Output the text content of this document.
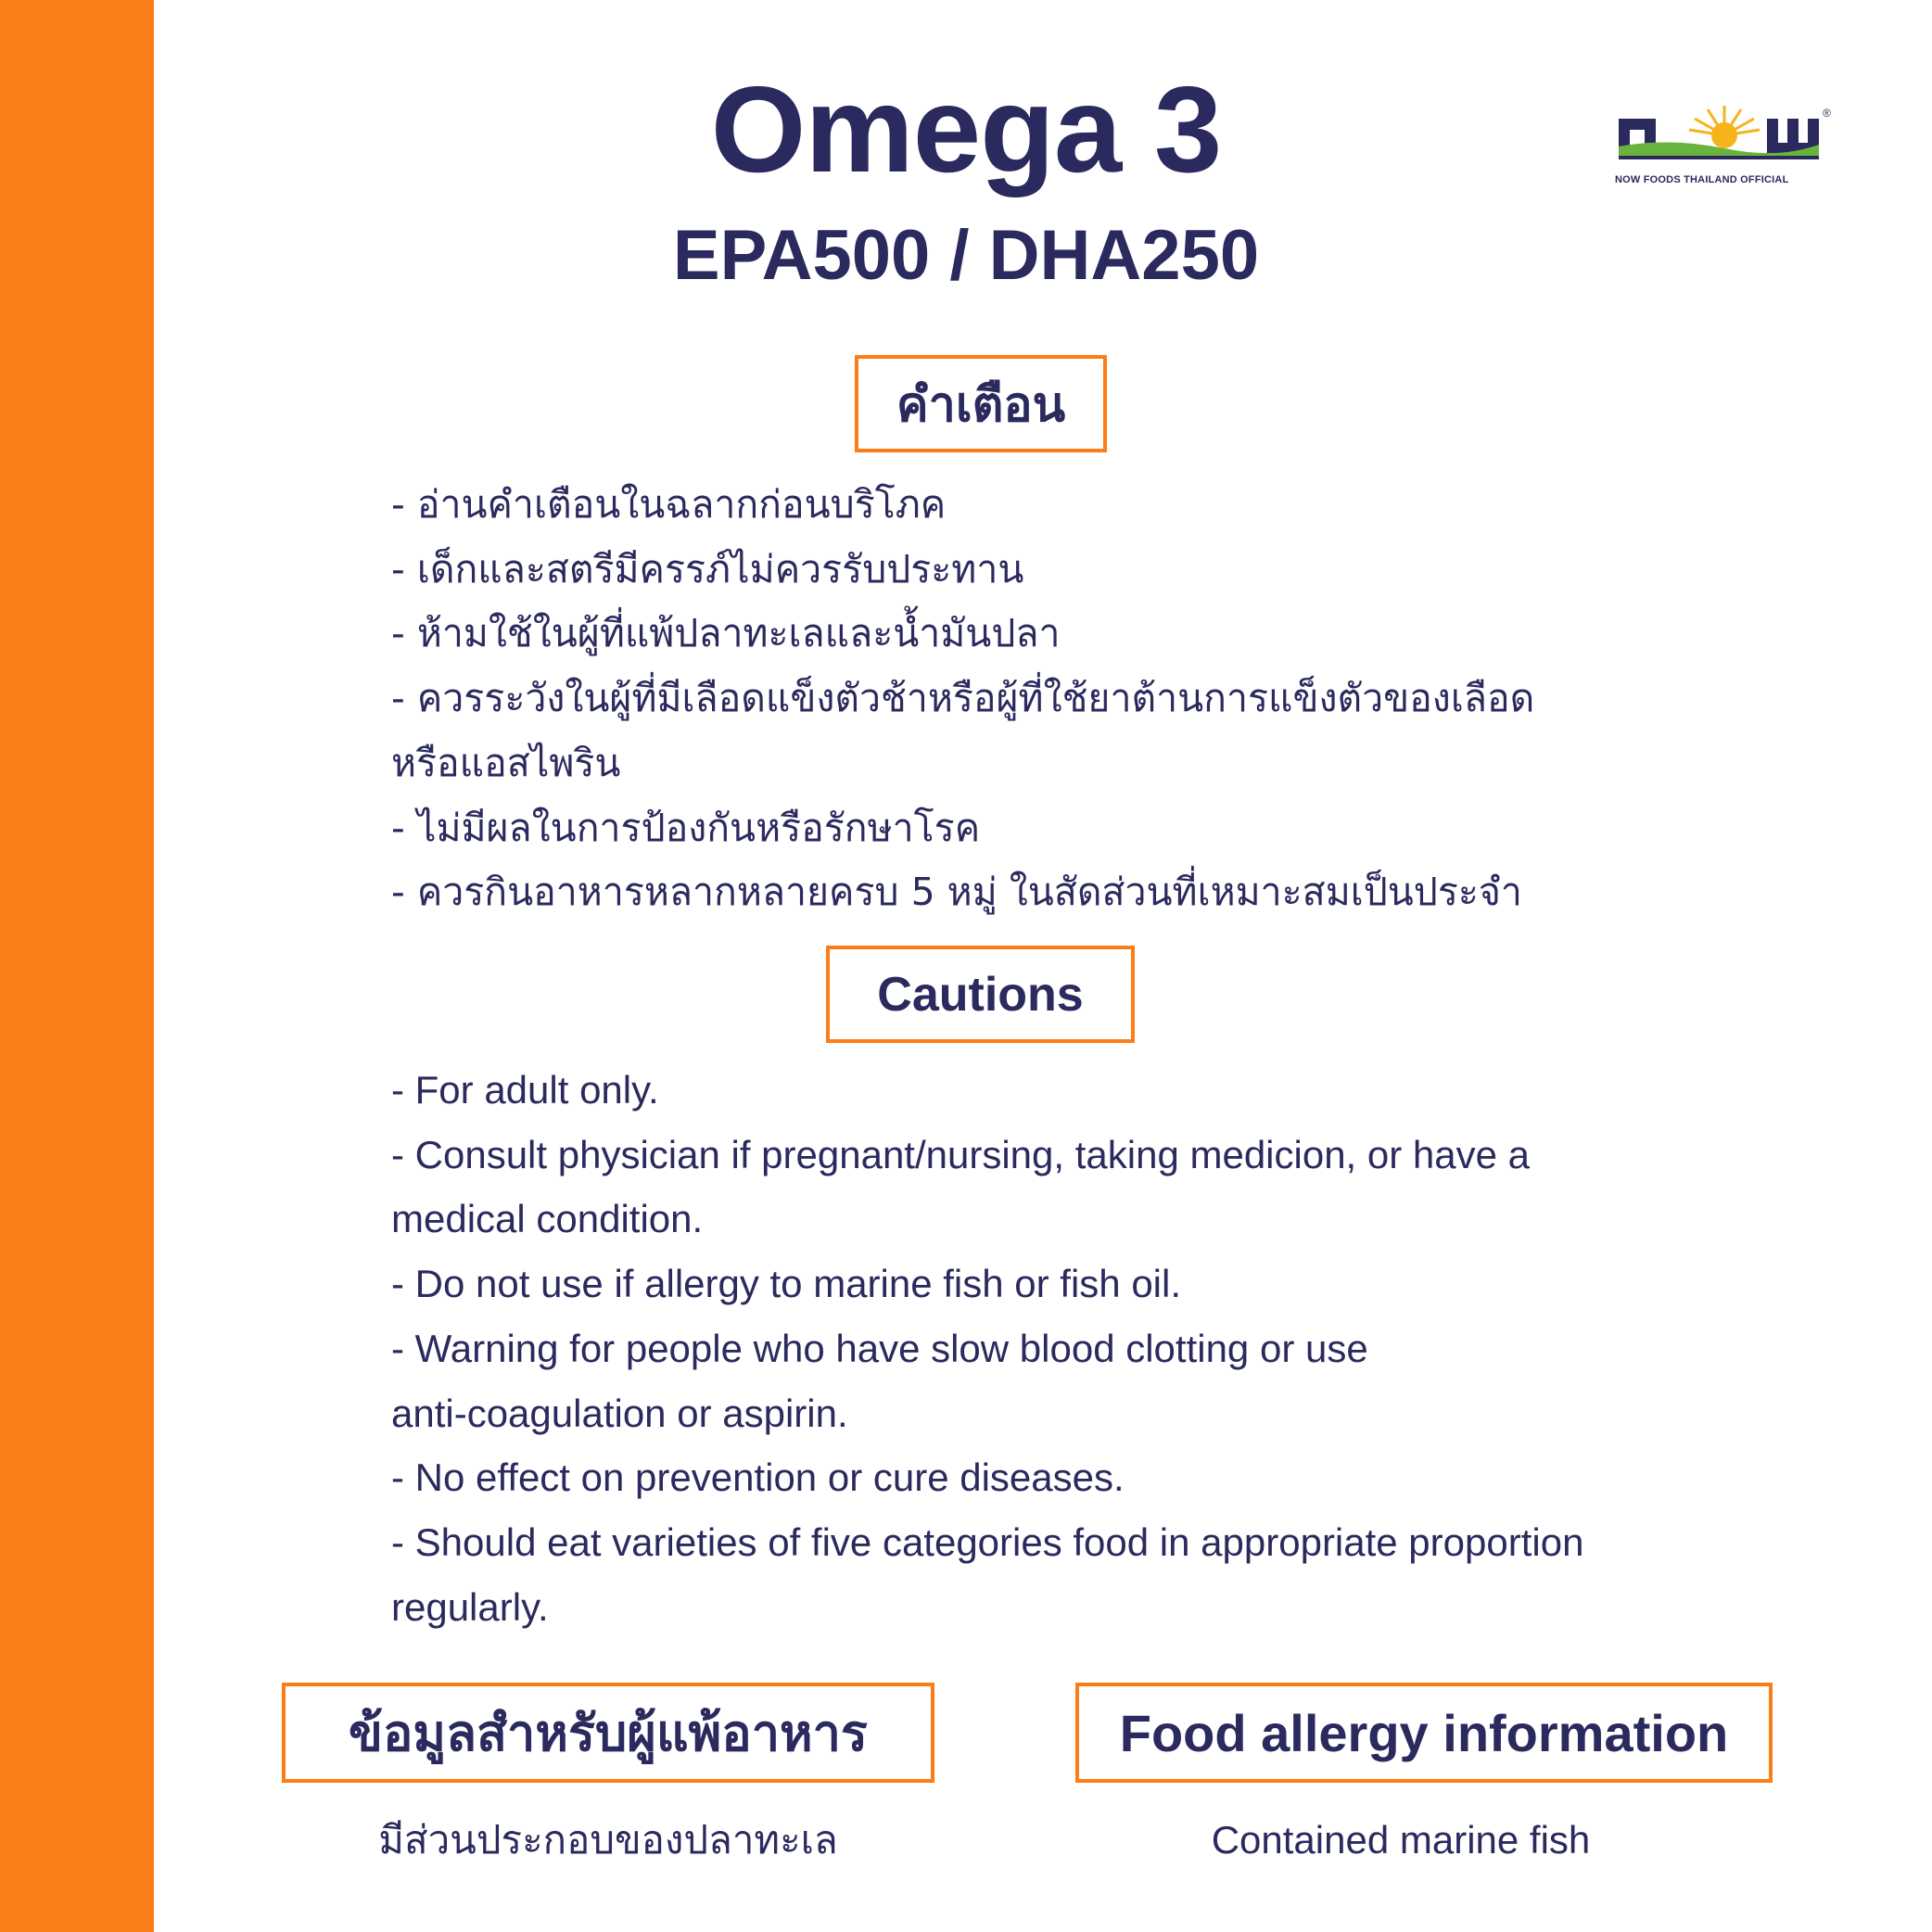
Omega 3
EPA500 / DHA250
®
NOW FOODS THAILAND OFFICIAL
คำเตือน
- อ่านคำเตือนในฉลากก่อนบริโภค
- เด็กและสตรีมีครรภ์ไม่ควรรับประทาน
- ห้ามใช้ในผู้ที่แพ้ปลาทะเลและน้ำมันปลา
- ควรระวังในผู้ที่มีเลือดแข็งตัวช้าหรือผู้ที่ใช้ยาต้านการแข็งตัวของเลือด
หรือแอสไพริน
- ไม่มีผลในการป้องกันหรือรักษาโรค
- ควรกินอาหารหลากหลายครบ 5 หมู่ ในสัดส่วนที่เหมาะสมเป็นประจำ
Cautions
- For adult only.
- Consult physician if pregnant/nursing, taking medicion, or have a
medical condition.
- Do not use if allergy to marine fish or fish oil.
- Warning for people who have slow blood clotting or use
anti-coagulation or aspirin.
- No effect on prevention or cure diseases.
- Should eat varieties of five categories food in appropriate proportion
regularly.
ข้อมูลสำหรับผู้แพ้อาหาร
มีส่วนประกอบของปลาทะเล
Food allergy information
Contained marine fish
